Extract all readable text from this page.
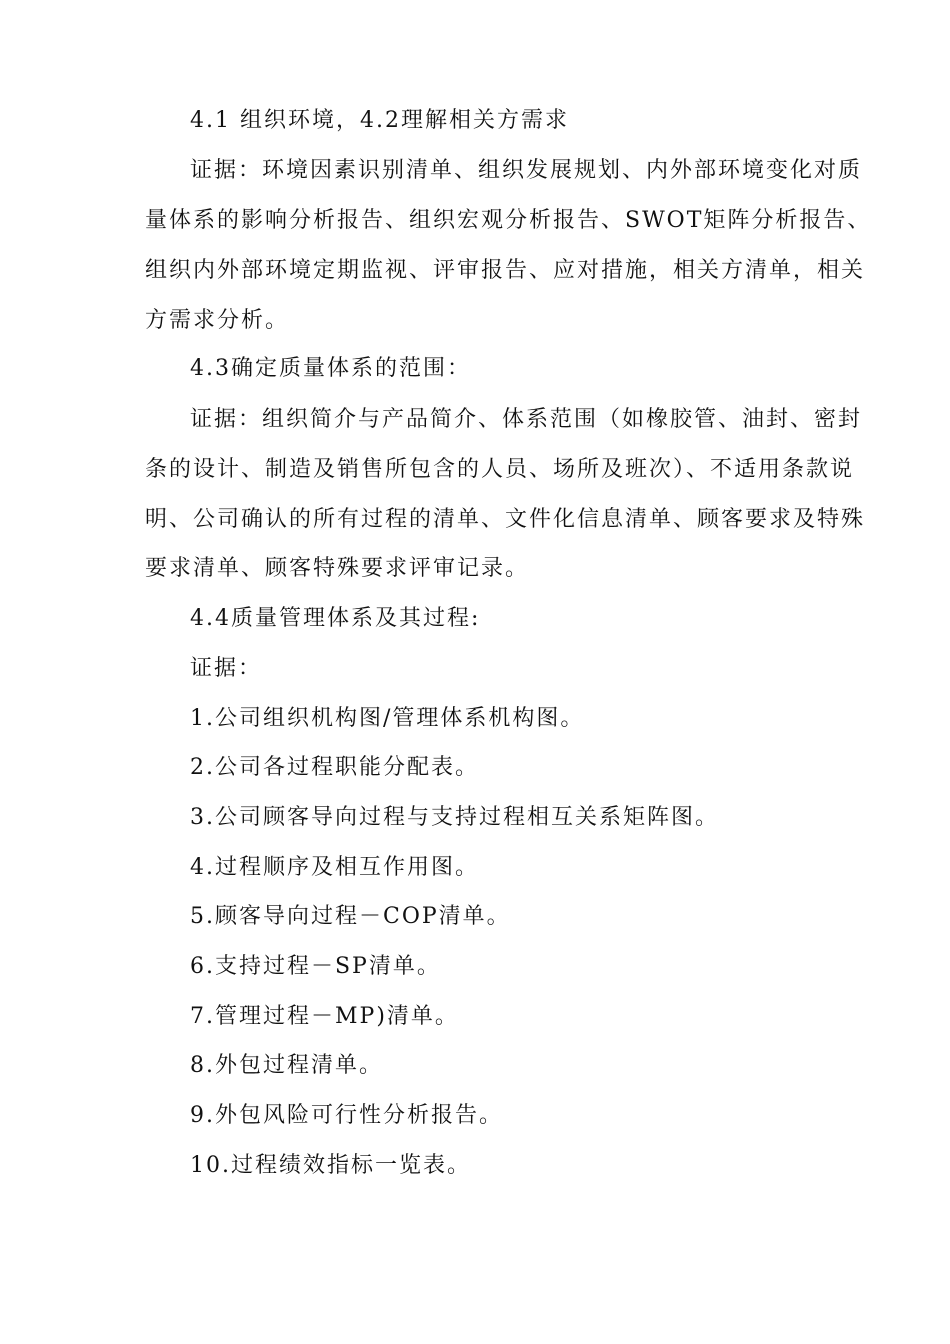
4.1 组织环境，4.2理解相关方需求

证据：环境因素识别清单、组织发展规划、内外部环境变化对质

量体系的影响分析报告、组织宏观分析报告、SWOT矩阵分析报告、

组织内外部环境定期监视、评审报告、应对措施，相关方清单，相关

方需求分析。

4.3确定质量体系的范围：

证据：组织简介与产品简介、体系范围（如橡胶管、油封、密封

条的设计、制造及销售所包含的人员、场所及班次）、不适用条款说

明、公司确认的所有过程的清单、文件化信息清单、顾客要求及特殊

要求清单、顾客特殊要求评审记录。

4.4质量管理体系及其过程:

证据：

1.公司组织机构图/管理体系机构图。

2.公司各过程职能分配表。

3.公司顾客导向过程与支持过程相互关系矩阵图。

4.过程顺序及相互作用图。

5.顾客导向过程－COP清单。

6.支持过程－SP清单。

7.管理过程－MP)清单。

8.外包过程清单。

9.外包风险可行性分析报告。

10.过程绩效指标一览表。
